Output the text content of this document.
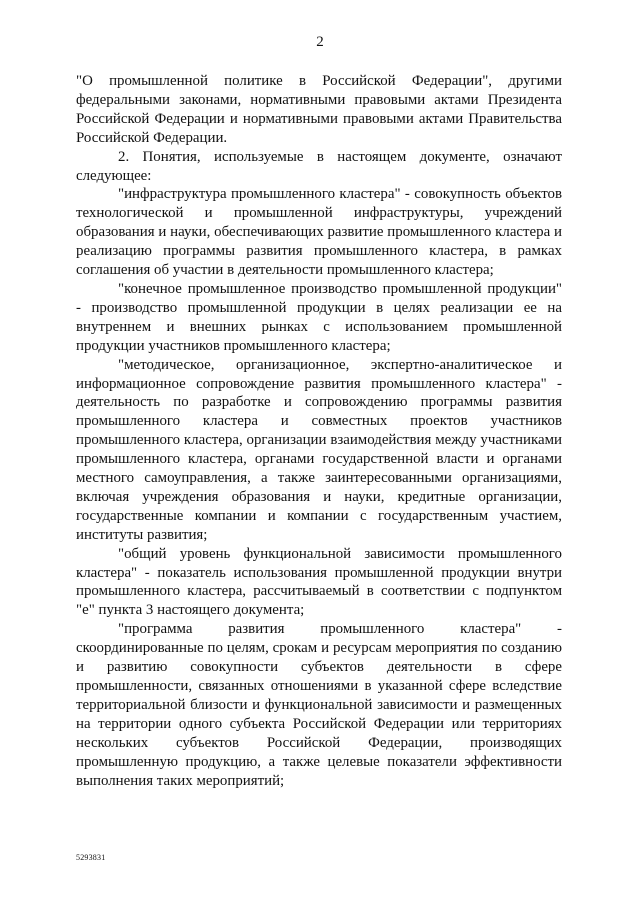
2

"О промышленной политике в Российской Федерации", другими федеральными законами, нормативными правовыми актами Президента Российской Федерации и нормативными правовыми актами Правительства Российской Федерации.

2. Понятия, используемые в настоящем документе, означают следующее:

"инфраструктура промышленного кластера" - совокупность объектов технологической и промышленной инфраструктуры, учреждений образования и науки, обеспечивающих развитие промышленного кластера и реализацию программы развития промышленного кластера, в рамках соглашения об участии в деятельности промышленного кластера;

"конечное промышленное производство промышленной продукции" - производство промышленной продукции в целях реализации ее на внутреннем и внешних рынках с использованием промышленной продукции участников промышленного кластера;

"методическое, организационное, экспертно-аналитическое и информационное сопровождение развития промышленного кластера" - деятельность по разработке и сопровождению программы развития промышленного кластера и совместных проектов участников промышленного кластера, организации взаимодействия между участниками промышленного кластера, органами государственной власти и органами местного самоуправления, а также заинтересованными организациями, включая учреждения образования и науки, кредитные организации, государственные компании и компании с государственным участием, институты развития;

"общий уровень функциональной зависимости промышленного кластера" - показатель использования промышленной продукции внутри промышленного кластера, рассчитываемый в соответствии с подпунктом "е" пункта 3 настоящего документа;

"программа развития промышленного кластера" - скоординированные по целям, срокам и ресурсам мероприятия по созданию и развитию совокупности субъектов деятельности в сфере промышленности, связанных отношениями в указанной сфере вследствие территориальной близости и функциональной зависимости и размещенных на территории одного субъекта Российской Федерации или территориях нескольких субъектов Российской Федерации, производящих промышленную продукцию, а также целевые показатели эффективности выполнения таких мероприятий;

5293831
